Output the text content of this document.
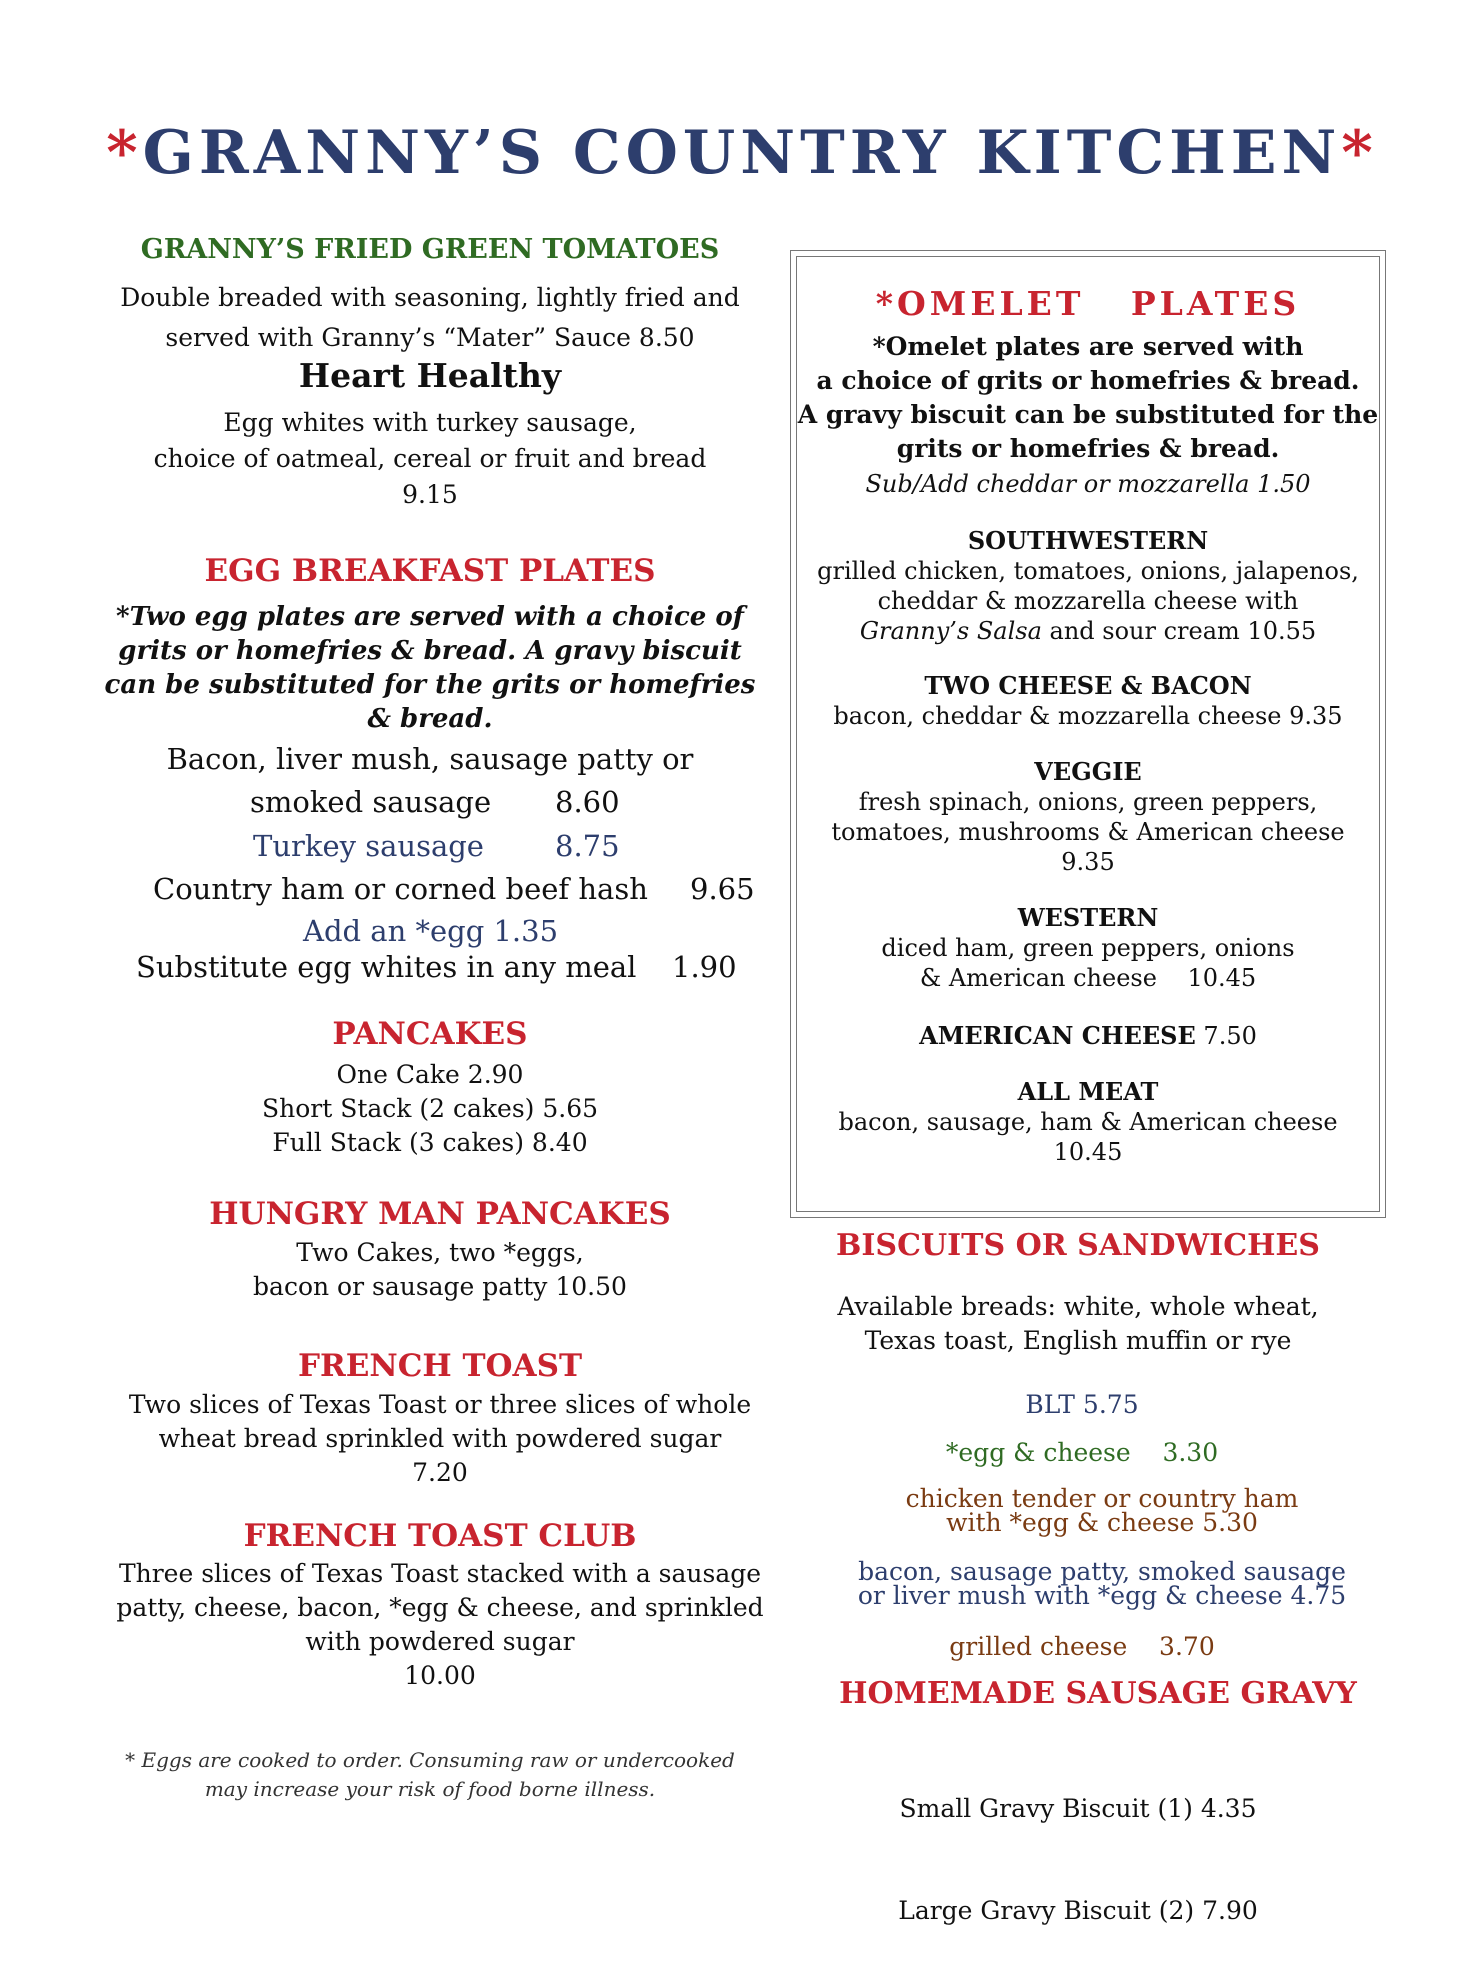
*GRANNY’S COUNTRY KITCHEN*
GRANNY’S FRIED GREEN TOMATOES
Double breaded with seasoning, lightly fried and
served with Granny’s “Mater” Sauce 8.50
Heart Healthy
Egg whites with turkey sausage,
choice of oatmeal, cereal or fruit and bread
9.15
EGG BREAKFAST PLATES
*Two egg plates are served with a choice of
grits or homefries & bread. A gravy biscuit
can be substituted for the grits or homefries
& bread.
Bacon, liver mush, sausage patty or
smoked sausage 8.60
Turkey sausage 8.75
Country ham or corned beef hash 9.65
Add an *egg 1.35
Substitute egg whites in any meal 1.90
PANCAKES
One Cake 2.90
Short Stack (2 cakes) 5.65
Full Stack (3 cakes) 8.40
HUNGRY MAN PANCAKES
Two Cakes, two *eggs,
bacon or sausage patty 10.50
FRENCH TOAST
Two slices of Texas Toast or three slices of whole
wheat bread sprinkled with powdered sugar
7.20
FRENCH TOAST CLUB
Three slices of Texas Toast stacked with a sausage
patty, cheese, bacon, *egg & cheese, and sprinkled
with powdered sugar
10.00
* Eggs are cooked to order. Consuming raw or undercooked
may increase your risk of food borne illness.
*OMELET   PLATES
*Omelet plates are served with
a choice of grits or homefries & bread.
A gravy biscuit can be substituted for the
grits or homefries & bread.
Sub/Add cheddar or mozzarella 1.50
SOUTHWESTERN
grilled chicken, tomatoes, onions, jalapenos,
cheddar & mozzarella cheese with
Granny’s Salsa and sour cream 10.55
TWO CHEESE & BACON
bacon, cheddar & mozzarella cheese 9.35
VEGGIE
fresh spinach, onions, green peppers,
tomatoes, mushrooms & American cheese
9.35
WESTERN
diced ham, green peppers, onions
& American cheese    10.45
AMERICAN CHEESE 7.50
ALL MEAT
bacon, sausage, ham & American cheese
10.45
BISCUITS OR SANDWICHES
Available breads: white, whole wheat,
Texas toast, English muffin or rye
BLT 5.75
*egg & cheese    3.30
chicken tender or country ham
with *egg & cheese 5.30
bacon, sausage patty, smoked sausage
or liver mush with *egg & cheese 4.75
grilled cheese    3.70
HOMEMADE SAUSAGE GRAVY

Small Gravy Biscuit (1) 4.35

Large Gravy Biscuit (2) 7.90
